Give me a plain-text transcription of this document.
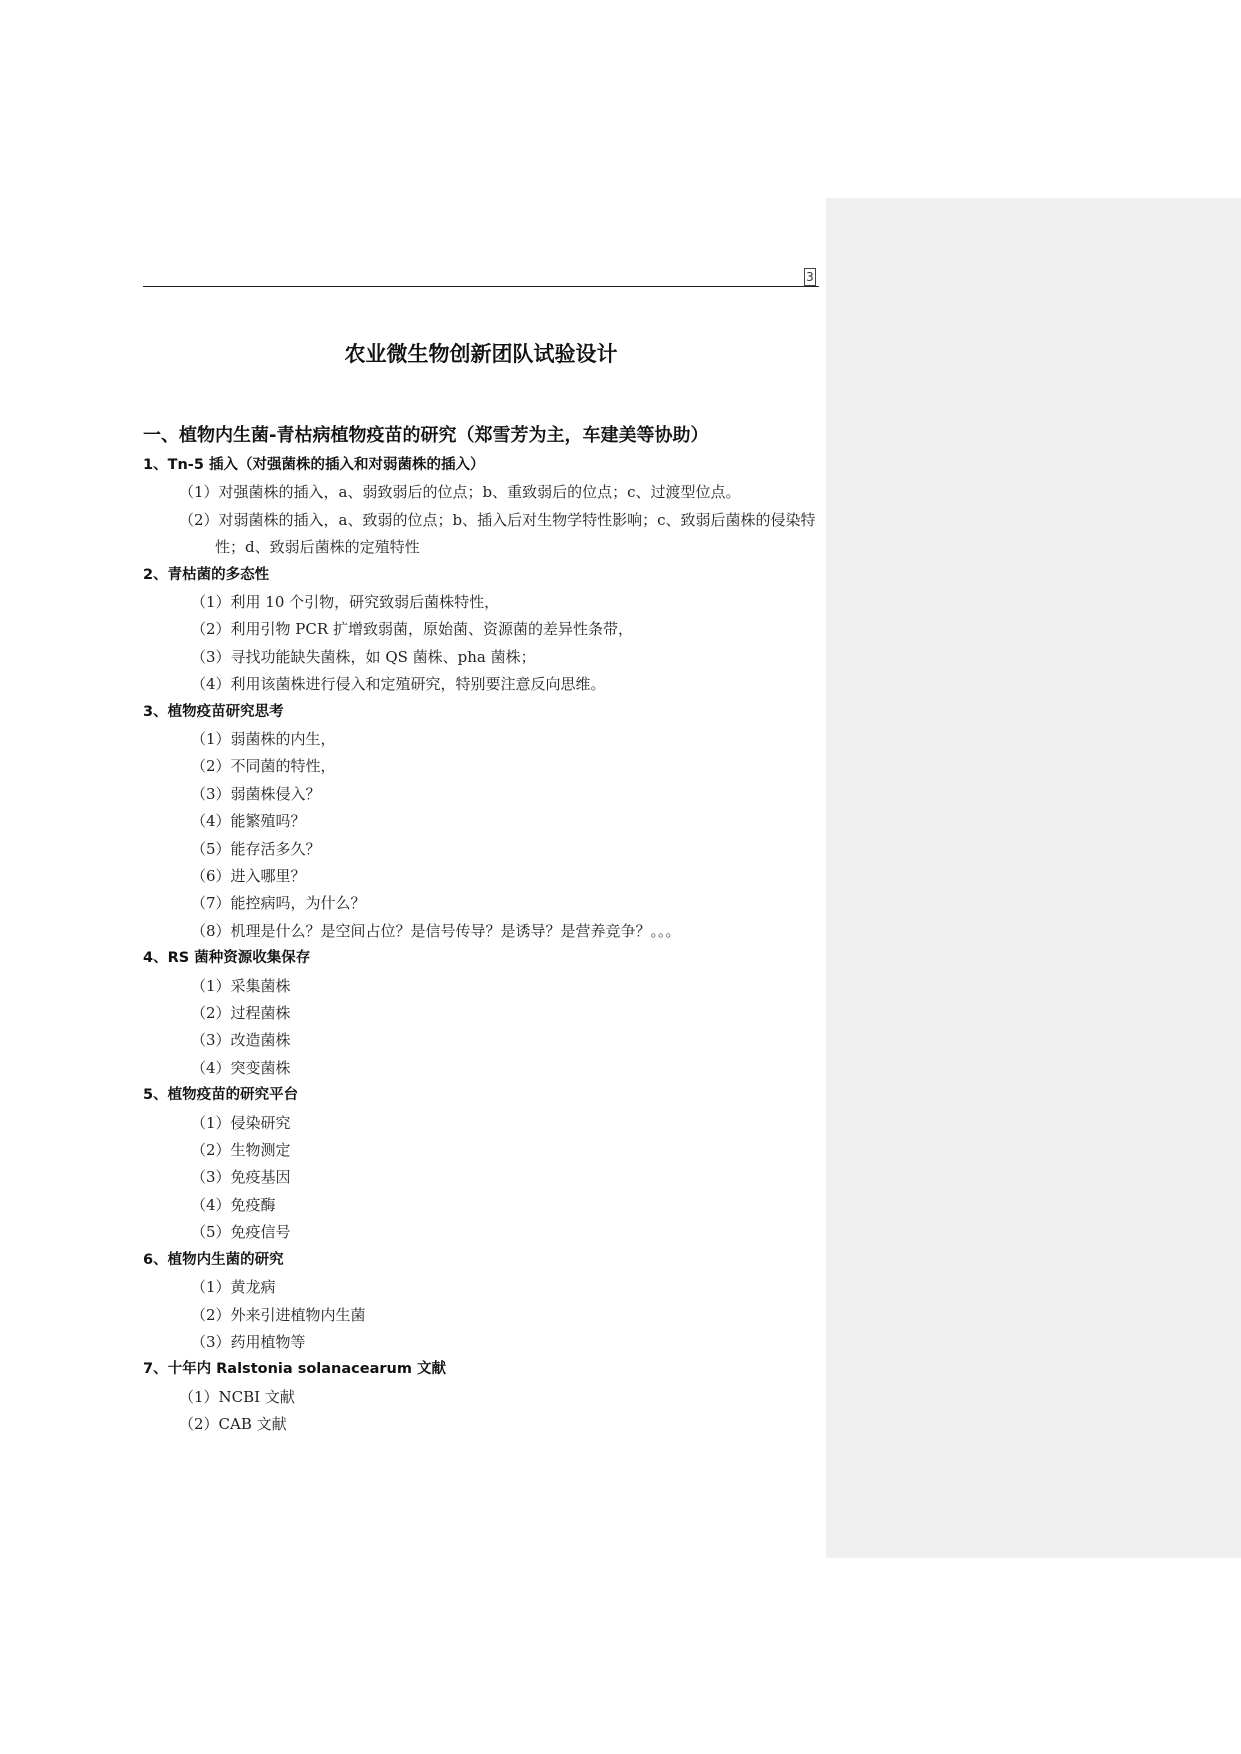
3
农业微生物创新团队试验设计
一、植物内生菌-青枯病植物疫苗的研究（郑雪芳为主，车建美等协助）
1、Tn-5 插入（对强菌株的插入和对弱菌株的插入）
（1）对强菌株的插入，a、弱致弱后的位点；b、重致弱后的位点；c、过渡型位点。
（2）对弱菌株的插入，a、致弱的位点；b、插入后对生物学特性影响；c、致弱后菌株的侵染特性；d、致弱后菌株的定殖特性
2、青枯菌的多态性
（1）利用 10 个引物，研究致弱后菌株特性，
（2）利用引物 PCR 扩增致弱菌，原始菌、资源菌的差异性条带，
（3）寻找功能缺失菌株，如 QS 菌株、pha 菌株；
（4）利用该菌株进行侵入和定殖研究，特别要注意反向思维。
3、植物疫苗研究思考
（1）弱菌株的内生，
（2）不同菌的特性，
（3）弱菌株侵入？
（4）能繁殖吗？
（5）能存活多久？
（6）进入哪里？
（7）能控病吗，为什么？
（8）机理是什么？是空间占位？是信号传导？是诱导？是营养竞争？。。。
4、RS 菌种资源收集保存
（1）采集菌株
（2）过程菌株
（3）改造菌株
（4）突变菌株
5、植物疫苗的研究平台
（1）侵染研究
（2）生物测定
（3）免疫基因
（4）免疫酶
（5）免疫信号
6、植物内生菌的研究
（1）黄龙病
（2）外来引进植物内生菌
（3）药用植物等
7、十年内 Ralstonia solanacearum 文献
（1）NCBI 文献
（2）CAB 文献
